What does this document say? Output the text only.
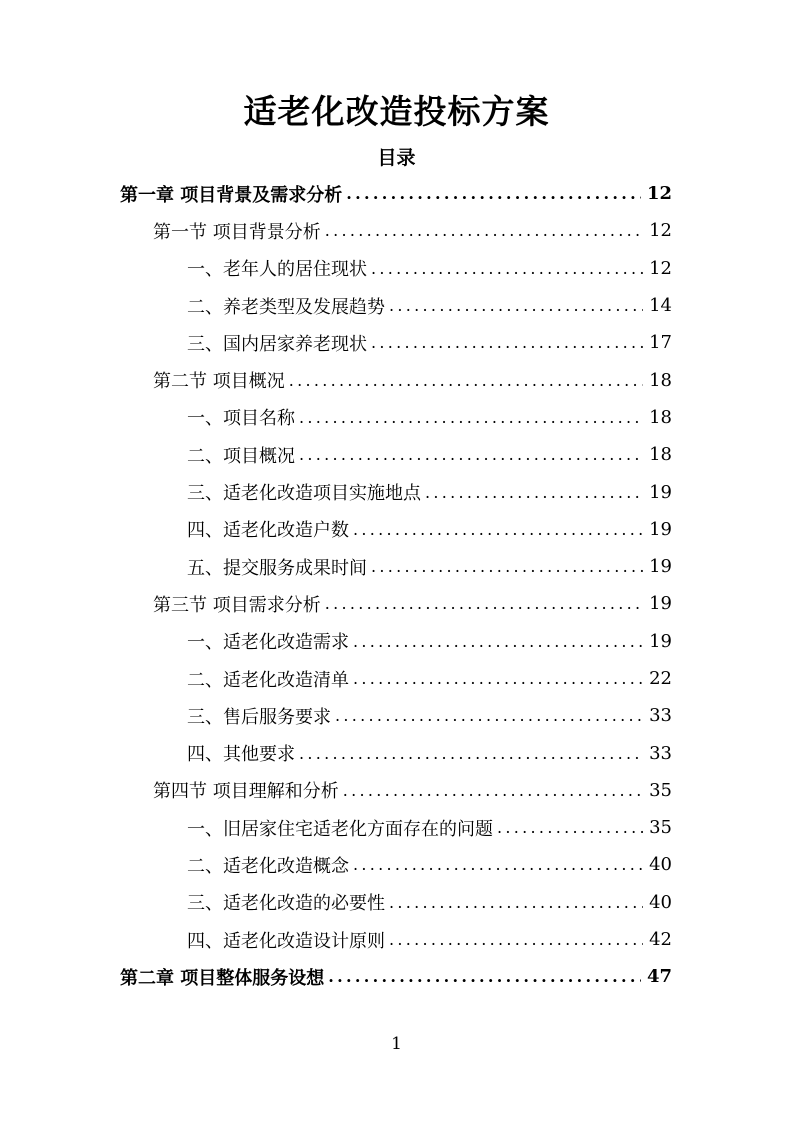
适老化改造投标方案
目录
第一章 项目背景及需求分析 .....	12
第一节 项目背景分析 .....	12
一、老年人的居住现状 .....	12
二、养老类型及发展趋势 .....	14
三、国内居家养老现状 .....	17
第二节 项目概况 .....	18
一、项目名称 .....	18
二、项目概况 .....	18
三、适老化改造项目实施地点 .....	19
四、适老化改造户数 .....	19
五、提交服务成果时间 .....	19
第三节 项目需求分析 .....	19
一、适老化改造需求 .....	19
二、适老化改造清单 .....	22
三、售后服务要求 .....	33
四、其他要求 .....	33
第四节 项目理解和分析 .....	35
一、旧居家住宅适老化方面存在的问题 .....	35
二、适老化改造概念 .....	40
三、适老化改造的必要性 .....	40
四、适老化改造设计原则 .....	42
第二章 项目整体服务设想 .....	47
1
